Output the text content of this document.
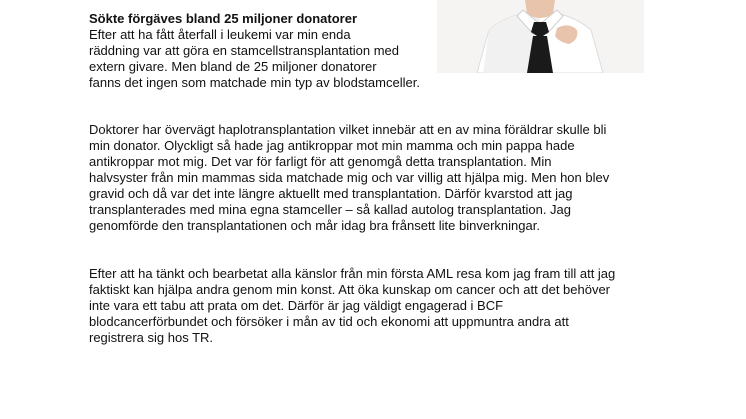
Sökte förgäves bland 25 miljoner donatorer

Efter att ha fått återfall i leukemi var min enda
räddning var att göra en stamcellstransplantation med
extern givare. Men bland de 25 miljoner donatorer
fanns det ingen som matchade min typ av blodstamceller.

Doktorer har övervägt haplotransplantation vilket innebär att en av mina föräldrar skulle bli
min donator. Olyckligt så hade jag antikroppar mot min mamma och min pappa hade
antikroppar mot mig. Det var för farligt för att genomgå detta transplantation. Min
halvsyster från min mammas sida matchade mig och var villig att hjälpa mig. Men hon blev
gravid och då var det inte längre aktuellt med transplantation. Därför kvarstod att jag
transplanterades med mina egna stamceller – så kallad autolog transplantation. Jag
genomförde den transplantationen och mår idag bra frånsett lite binverkningar.

Efter att ha tänkt och bearbetat alla känslor från min första AML resa kom jag fram till att jag
faktiskt kan hjälpa andra genom min konst. Att öka kunskap om cancer och att det behöver
inte vara ett tabu att prata om det. Därför är jag väldigt engagerad i BCF
blodcancerförbundet och försöker i mån av tid och ekonomi att uppmuntra andra att
registrera sig hos TR.
